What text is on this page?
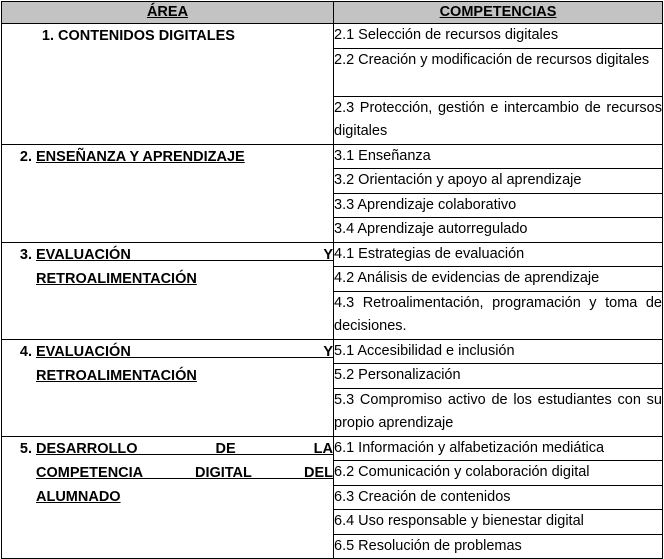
ÁREA	COMPETENCIAS

1. CONTENIDOS DIGITALES	2.1 Selección de recursos digitales
	2.2 Creación y modificación de recursos digitales
	2.3 Protección, gestión e intercambio de recursos digitales

2. ENSEÑANZA Y APRENDIZAJE	3.1 Enseñanza
	3.2 Orientación y apoyo al aprendizaje
	3.3 Aprendizaje colaborativo
	3.4 Aprendizaje autorregulado

3. EVALUACIÓN Y
RETROALIMENTACIÓN	4.1 Estrategias de evaluación
	4.2 Análisis de evidencias de aprendizaje
	4.3 Retroalimentación, programación y toma de decisiones.

4. EVALUACIÓN Y
RETROALIMENTACIÓN	5.1 Accesibilidad e inclusión
	5.2 Personalización
	5.3 Compromiso activo de los estudiantes con su propio aprendizaje

5. DESARROLLO DE LA
COMPETENCIA DIGITAL DEL
ALUMNADO	6.1 Información y alfabetización mediática
	6.2 Comunicación y colaboración digital
	6.3 Creación de contenidos
	6.4 Uso responsable y bienestar digital
	6.5 Resolución de problemas
